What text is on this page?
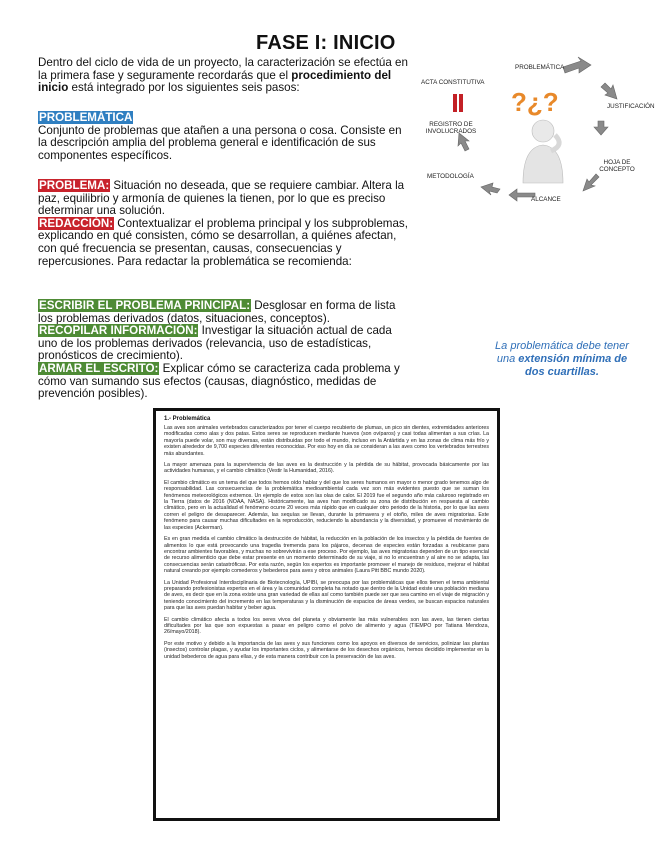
FASE I: INICIO
Dentro del ciclo de vida de un proyecto, la caracterización se efectúa en la primera fase y seguramente recordarás que el procedimiento del inicio está integrado por los siguientes seis pasos:
PROBLEMÁTICA
Conjunto de problemas que atañen a una persona o cosa. Consiste en la descripción amplia del problema general e identificación de sus componentes específicos.
PROBLEMA: Situación no deseada, que se requiere cambiar. Altera la paz, equilibrio y armonía de quienes la tienen, por lo que es preciso determinar una solución.
REDACCIÓN: Contextualizar el problema principal y los subproblemas, explicando en qué consisten, cómo se desarrollan, a quiénes afectan, con qué frecuencia se presentan, causas, consecuencias y repercusiones. Para redactar la problemática se recomienda:
ESCRIBIR EL PROBLEMA PRINCIPAL: Desglosar en forma de lista los problemas derivados (datos, situaciones, conceptos).
RECOPILAR INFORMACIÓN: Investigar la situación actual de cada uno de los problemas derivados (relevancia, uso de estadísticas, pronósticos de crecimiento).
ARMAR EL ESCRITO: Explicar cómo se caracteriza cada problema y cómo van sumando sus efectos (causas, diagnóstico, medidas de prevención posibles).
La problemática debe tener una extensión mínima de dos cuartillas.
?¿?
PROBLEMÁTICA
JUSTIFICACIÓN
HOJA DE CONCEPTO
ALCANCE
METODOLOGÍA
REGISTRO DE INVOLUCRADOS
ACTA CONSTITUTIVA
1.- Problemática

Las aves son animales vertebrados caracterizados por tener el cuerpo recubierto de plumas, un pico sin dientes, extremidades anteriores modificadas como alas y dos patas. Estos seres se reproducen mediante huevos (son ovíparos) y casi todas alimentan a sus crías. La mayoría puede volar, son muy diversas, están distribuidas por todo el mundo, incluso en la Antártida y en las zonas de clima más frío y existen alrededor de 9,700 especies diferentes reconocidas. Por eso hoy en día se consideran a las aves como los vertebrados terrestres más abundantes.

La mayor amenaza para la supervivencia de las aves es la destrucción y la pérdida de su hábitat, provocada básicamente por las actividades humanas, y el cambio climático (Vestir la Humanidad, 2016).

El cambio climático es un tema del que todos hemos oído hablar y del que los seres humanos en mayor o menor grado tenemos algo de responsabilidad. Las consecuencias de la problemática medioambiental cada vez son más evidentes puesto que se suman los fenómenos meteorológicos extremos. Un ejemplo de estos son las olas de calor. El 2019 fue el segundo año más caluroso registrado en la Tierra (datos de 2016 (NOAA, NASA). Históricamente, las aves han modificado su zona de distribución en respuesta al cambio climático, pero en la actualidad el fenómeno ocurre 20 veces más rápido que en cualquier otro periodo de la historia, por lo que las aves corren el peligro de desaparecer. Además, las sequías se llevan, durante la primavera y el otoño, miles de aves migratorias. Este fenómeno para causar muchas dificultades en la reproducción, reduciendo la abundancia y la diversidad, y promueve el movimiento de las especies (Ackerman).

Es en gran medida el cambio climático la destrucción de hábitat, la reducción en la población de los insectos y la pérdida de fuentes de alimentos lo que está provocando una tragedia tremenda para los pájaros, decenas de especies están forzadas a reubicarse para encontrar ambientes favorables, y muchas no sobrevivirán a ese proceso. Por ejemplo, las aves migratorias dependen de un tipo esencial de recurso alimenticio que debe estar presente en un momento determinado de su viaje, si no lo encuentran y al aire no se adapta, las consecuencias serán catastróficas. Por esta razón, según los expertos es importante promover el manejo de residuos, mejorar el hábitat natural creando por ejemplo comederos y bebederos para aves y otros animales (Laura Pitt BBC mundo 2020).

La Unidad Profesional Interdisciplinaria de Biotecnología, UPIBI, se preocupa por las problemáticas que ellos tienen el tema ambiental preparando profesionistas expertos en el área y la comunidad completa ha notado que dentro de la Unidad existe una población mediana de aves, es decir que en la zona existe una gran variedad de ellas así como también puede ser que sea camino en el viaje de migración y teniendo conocimiento del incremento en las temperaturas y la disminución de espacios de áreas verdes, se buscan espacios naturales para que las aves puedan habitar y beber agua.

El cambio climático afecta a todos los seres vivos del planeta y obviamente las más vulnerables son las aves, las tienen ciertas dificultades por las que son expuestas a pasar en peligro como el polvo de alimento y agua (TIEMPO por Tatiana Mendoza, 26/mayo/2018).

Por este motivo y debido a la importancia de las aves y sus funciones como los apoyos en diversos de servicios, polinizar las plantas (insectos) controlar plagas, y ayudar los importantes ciclos, y alimentarse de los desechos orgánicos, hemos decidido implementar en la unidad bebederos de agua para ellas, y de esta manera contribuir con la preservación de las aves.
